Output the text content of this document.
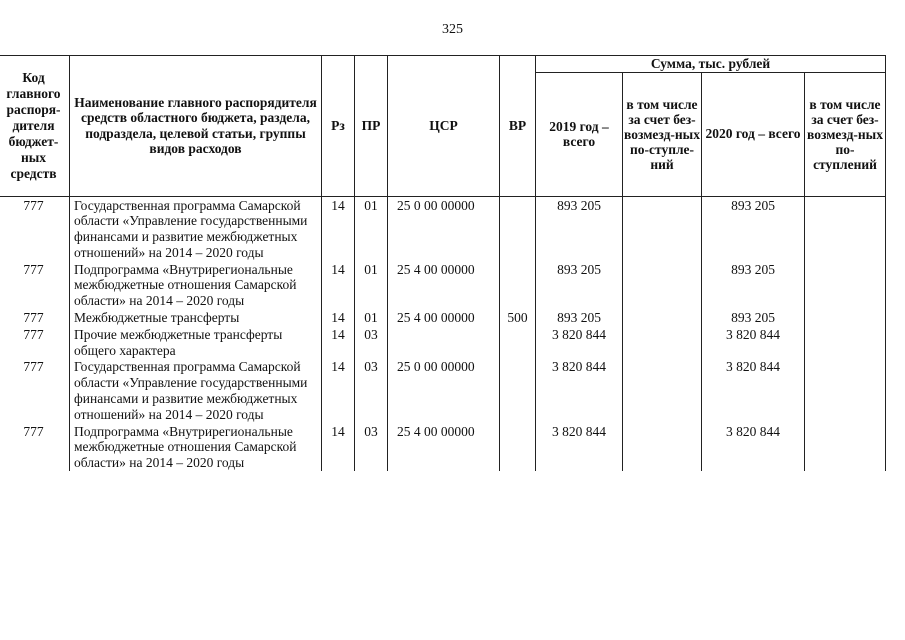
325
Код главного распоря-дителя бюджет-ных средств	Наименование главного распорядителя средств областного бюджета, раздела, подраздела, целевой статьи, группы видов расходов	Рз	ПР	ЦСР	ВР	Сумма, тыс. рублей			
						2019 год – всего	в том числе за счет без-возмезд-ных по-ступле-ний	2020 год – всего	в том числе за счет без-возмезд-ных по-ступлений
777	Государственная программа Самарской области «Управление государственными финансами и развитие межбюджетных отношений» на 2014 – 2020 годы	14	01	25 0 00 00000		893 205		893 205	
777	Подпрограмма «Внутрирегиональные межбюджетные отношения Самарской области» на 2014 – 2020 годы	14	01	25 4 00 00000		893 205		893 205	
777	Межбюджетные трансферты	14	01	25 4 00 00000	500	893 205		893 205	
777	Прочие межбюджетные трансферты общего характера	14	03			3 820 844		3 820 844	
777	Государственная программа Самарской области «Управление государственными финансами и развитие межбюджетных отношений» на 2014 – 2020 годы	14	03	25 0 00 00000		3 820 844		3 820 844	
777	Подпрограмма «Внутрирегиональные межбюджетные отношения Самарской области» на 2014 – 2020 годы	14	03	25 4 00 00000		3 820 844		3 820 844	
